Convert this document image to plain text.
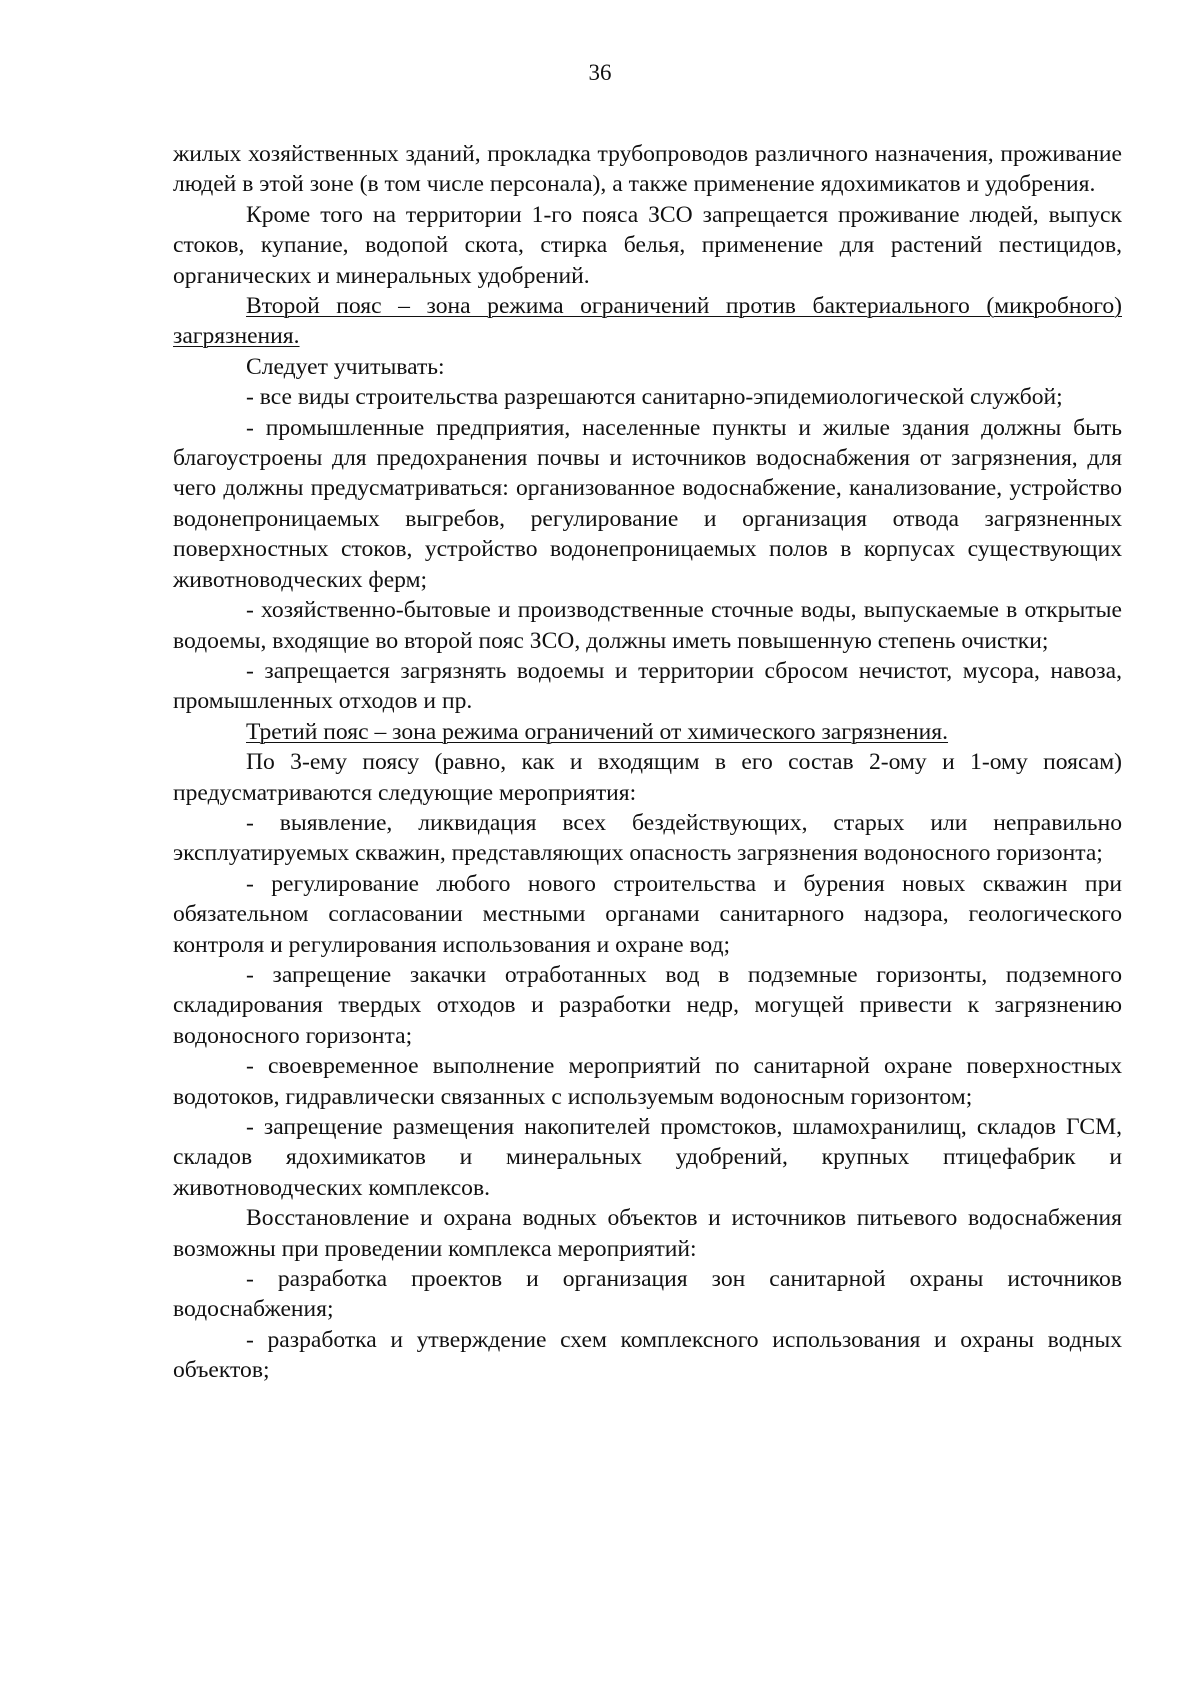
36

жилых хозяйственных зданий, прокладка трубопроводов различного назначения, проживание людей в этой зоне (в том числе персонала), а также применение ядохимикатов и удобрения.

Кроме того на территории 1-го пояса ЗСО запрещается проживание людей, выпуск стоков, купание, водопой скота, стирка белья, применение для растений пестицидов, органических и минеральных удобрений.

Второй пояс – зона режима ограничений против бактериального (микробного) загрязнения.

Следует учитывать:

- все виды строительства разрешаются санитарно-эпидемиологической службой;

- промышленные предприятия, населенные пункты и жилые здания должны быть благоустроены для предохранения почвы и источников водоснабжения от загрязнения, для чего должны предусматриваться: организованное водоснабжение, канализование, устройство водонепроницаемых выгребов, регулирование и организация отвода загрязненных поверхностных стоков, устройство водонепроницаемых полов в корпусах существующих животноводческих ферм;

- хозяйственно-бытовые и производственные сточные воды, выпускаемые в открытые водоемы, входящие во второй пояс ЗСО, должны иметь повышенную степень очистки;

- запрещается загрязнять водоемы и территории сбросом нечистот, мусора, навоза, промышленных отходов и пр.

Третий пояс – зона режима ограничений от химического загрязнения.

По 3-ему поясу (равно, как и входящим в его состав 2-ому и 1-ому поясам) предусматриваются следующие мероприятия:

- выявление, ликвидация всех бездействующих, старых или неправильно эксплуатируемых скважин, представляющих опасность загрязнения водоносного горизонта;

- регулирование любого нового строительства и бурения новых скважин при обязательном согласовании местными органами санитарного надзора, геологического контроля и регулирования использования и охране вод;

- запрещение закачки отработанных вод в подземные горизонты, подземного складирования твердых отходов и разработки недр, могущей привести к загрязнению водоносного горизонта;

- своевременное выполнение мероприятий по санитарной охране поверхностных водотоков, гидравлически связанных с используемым водоносным горизонтом;

- запрещение размещения накопителей промстоков, шламохранилищ, складов ГСМ, складов ядохимикатов и минеральных удобрений, крупных птицефабрик и животноводческих комплексов.

Восстановление и охрана водных объектов и источников питьевого водоснабжения возможны при проведении комплекса мероприятий:

- разработка проектов и организация зон санитарной охраны источников водоснабжения;

- разработка и утверждение схем комплексного использования и охраны водных объектов;
